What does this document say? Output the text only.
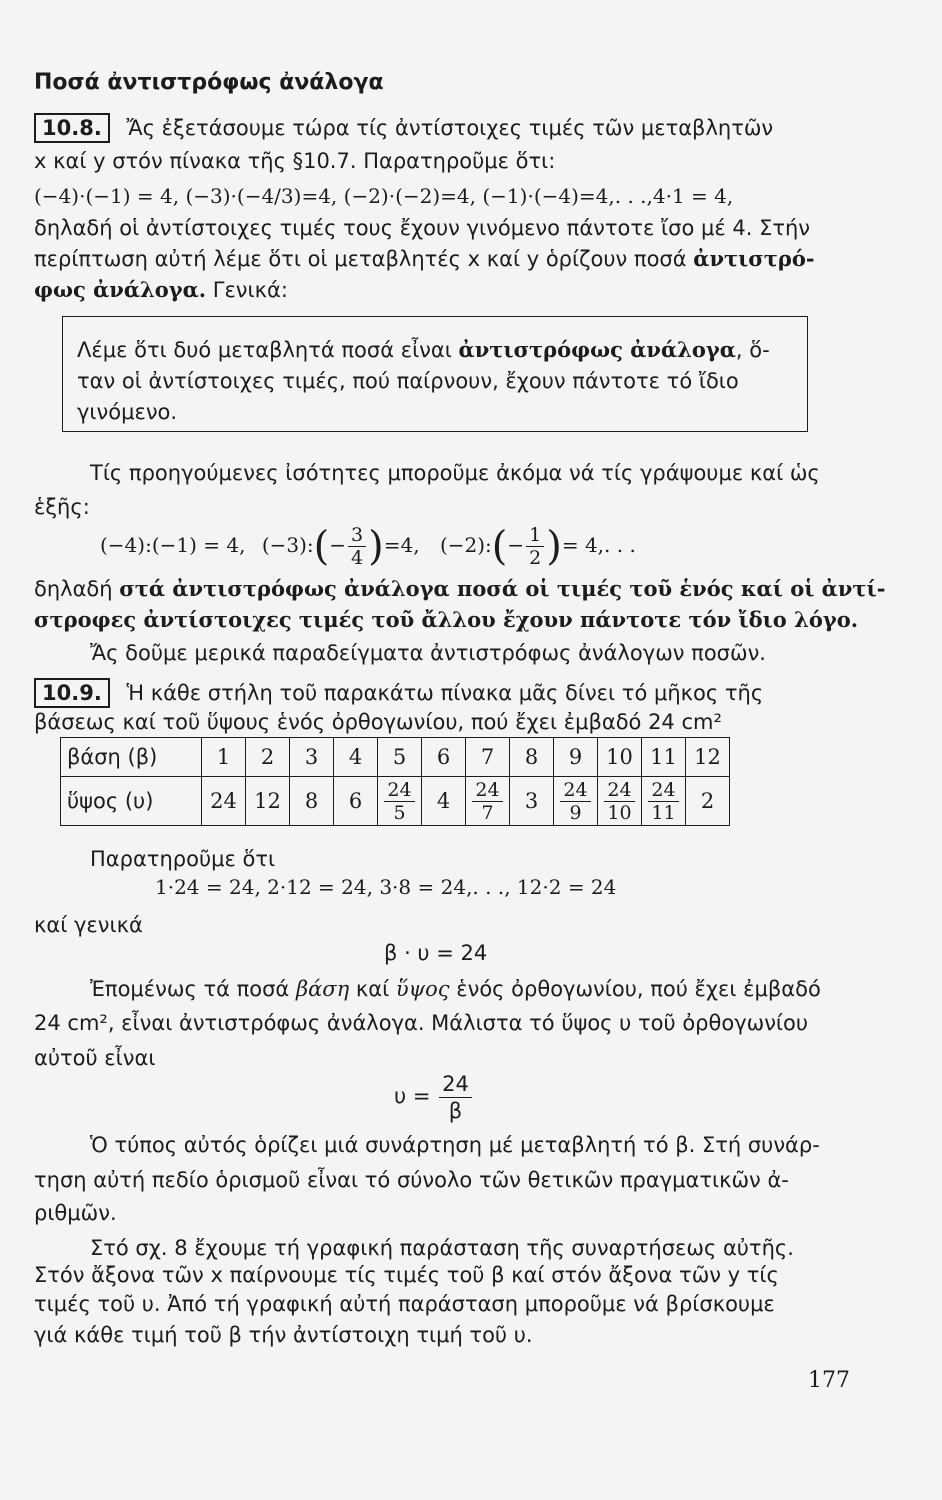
Ποσά ἀντιστρόφως ἀνάλογα
10.8. Ἄς ἐξετάσουμε τώρα τίς ἀντίστοιχες τιμές τῶν μεταβλητῶν
x καί y στόν πίνακα τῆς §10.7. Παρατηροῦμε ὅτι:
(−4)·(−1) = 4, (−3)·(−4/3)=4, (−2)·(−2)=4, (−1)·(−4)=4,. . .,4·1 = 4,
δηλαδή οἱ ἀντίστοιχες τιμές τους ἔχουν γινόμενο πάντοτε ἴσο μέ 4. Στήν
περίπτωση αὐτή λέμε ὅτι οἱ μεταβλητές x καί y ὁρίζουν ποσά ἀντιστρό-
φως ἀνάλογα. Γενικά:
Λέμε ὅτι δυό μεταβλητά ποσά εἶναι ἀντιστρόφως ἀνάλογα, ὅ-
ταν οἱ ἀντίστοιχες τιμές, πού παίρνουν, ἔχουν πάντοτε τό ἴδιο
γινόμενο.
Τίς προηγούμενες ἰσότητες μποροῦμε ἀκόμα νά τίς γράψουμε καί ὡς
ἑξῆς:
(−4):(−1) = 4, (−3):(− $\frac{3}{4} )=4$, (−2):(− $\frac{1}{2}$ )= 4,. . .
δηλαδή στά ἀντιστρόφως ἀνάλογα ποσά οἱ τιμές τοῦ ἑνός καί οἱ ἀντί-
στροφες ἀντίστοιχες τιμές τοῦ ἄλλου ἔχουν πάντοτε τόν ἴδιο λόγο.
Ἄς δοῦμε μερικά παραδείγματα ἀντιστρόφως ἀνάλογων ποσῶν.
10.9. Ἡ κάθε στήλη τοῦ παρακάτω πίνακα μᾶς δίνει τό μῆκος τῆς
βάσεως καί τοῦ ὕψους ἑνός ὀρθογωνίου, πού ἔχει ἐμβαδό 24 cm²
βάση (β)	1	2	3	4	5	6	7	8	9	10	11	12
ὕψος (υ)	24	12	8	6	$\frac{24}{5}$	4	$\frac{24}{7}$	3	$\frac{24}{9}$	$\frac{24}{10}$	$\frac{24}{11}$	2
Παρατηροῦμε ὅτι
1·24 = 24, 2·12 = 24, 3·8 = 24,. . ., 12·2 = 24
καί γενικά
β · υ = 24
Ἐπομένως τά ποσά βάση καί ὕψος ἑνός ὀρθογωνίου, πού ἔχει ἐμβαδό
24 cm², εἶναι ἀντιστρόφως ἀνάλογα. Μάλιστα τό ὕψος υ τοῦ ὀρθογωνίου
αὐτοῦ εἶναι
$\upsilon = \frac{24}{\beta}$
Ὁ τύπος αὐτός ὁρίζει μιά συνάρτηση μέ μεταβλητή τό β. Στή συνάρ-
τηση αὐτή πεδίο ὁρισμοῦ εἶναι τό σύνολο τῶν θετικῶν πραγματικῶν ἀ-
ριθμῶν.
Στό σχ. 8 ἔχουμε τή γραφική παράσταση τῆς συναρτήσεως αὐτῆς.
Στόν ἄξονα τῶν x παίρνουμε τίς τιμές τοῦ β καί στόν ἄξονα τῶν y τίς
τιμές τοῦ υ. Ἀπό τή γραφική αὐτή παράσταση μποροῦμε νά βρίσκουμε
γιά κάθε τιμή τοῦ β τήν ἀντίστοιχη τιμή τοῦ υ.
177
